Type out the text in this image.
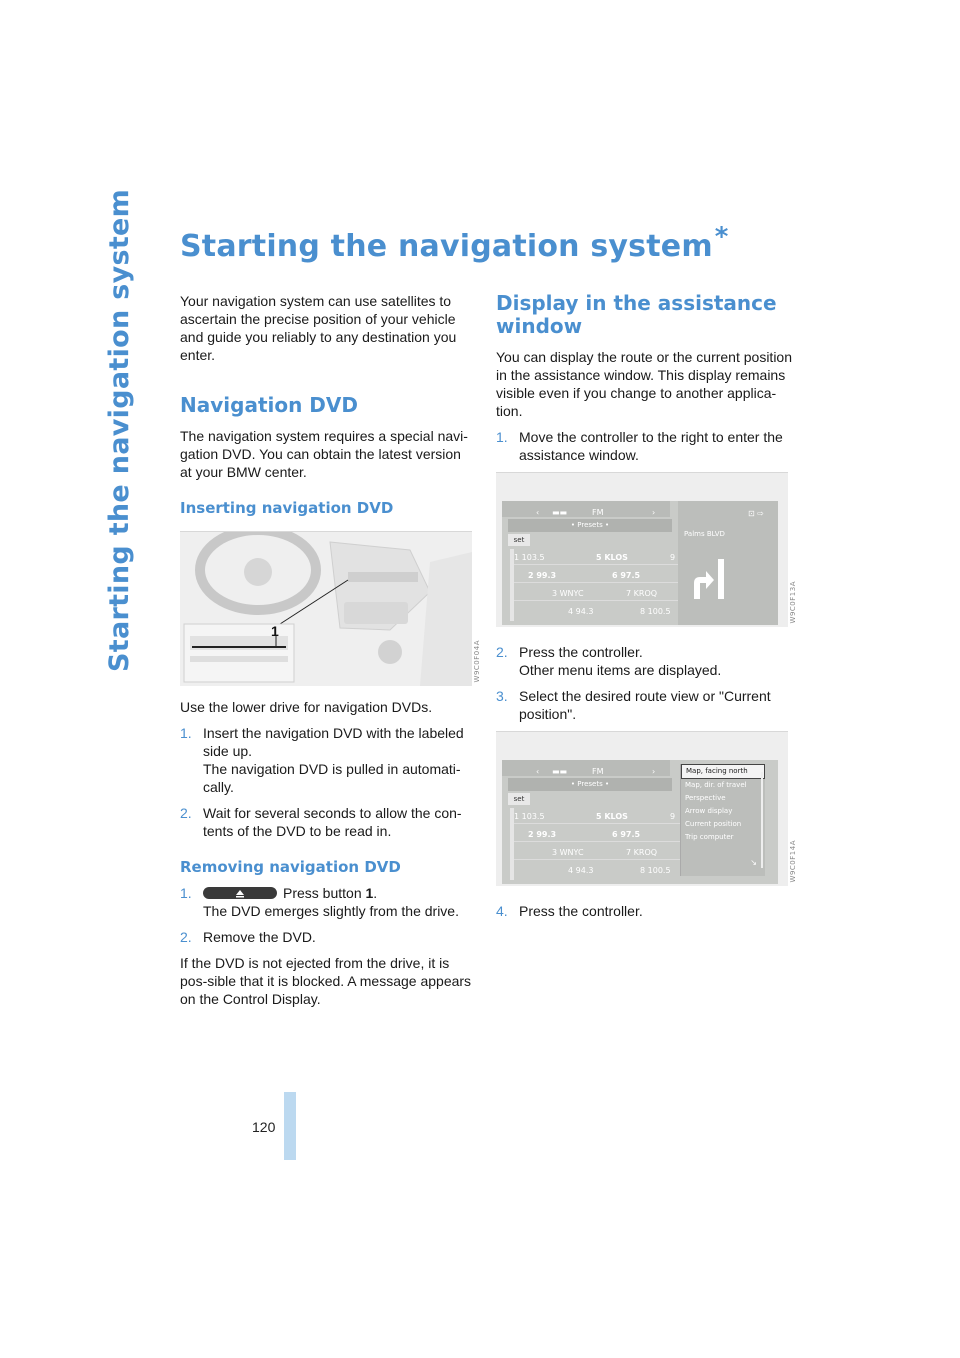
Starting the navigation system
120
Starting the navigation system*

Your navigation system can use satellites to ascertain the precise position of your vehicle and guide you reliably to any destination you enter.

Navigation DVD

The navigation system requires a special navi-gation DVD. You can obtain the latest version at your BMW center.

Inserting navigation DVD
1
W9C0F04A

Use the lower drive for navigation DVDs.

1. Insert the navigation DVD with the labeled side up.
The navigation DVD is pulled in automati-cally.
2. Wait for several seconds to allow the con-tents of the DVD to be read in.
Removing navigation DVD
1.	Press button 1.
The DVD emerges slightly from the drive.
2. Remove the DVD.

If the DVD is not ejected from the drive, it is pos-sible that it is blocked. A message appears on the Control Display.

Display in the assistance window

You can display the route or the current position in the assistance window. This display remains visible even if you change to another applica-tion.

1. Move the controller to the right to enter the assistance window.
‹ ▬▬	FM	›
• Presets •
set
1 103.5	5 KLOS	9
2 99.3	6 97.5
3 WNYC	7 KROQ
4 94.3	8 100.5
⊡ ⇨
Palms BLVD
W9C0F13A
2. Press the controller.
Other menu items are displayed.
3. Select the desired route view or "Current position".
‹ ▬▬	FM	›
• Presets •
set
1 103.5	5 KLOS	9
2 99.3	6 97.5
3 WNYC	7 KROQ
4 94.3	8 100.5
Map, facing north
Map, dir. of travel
Perspective
Arrow display
Current position
Trip computer
↘	W9C0F14A
4. Press the controller.
